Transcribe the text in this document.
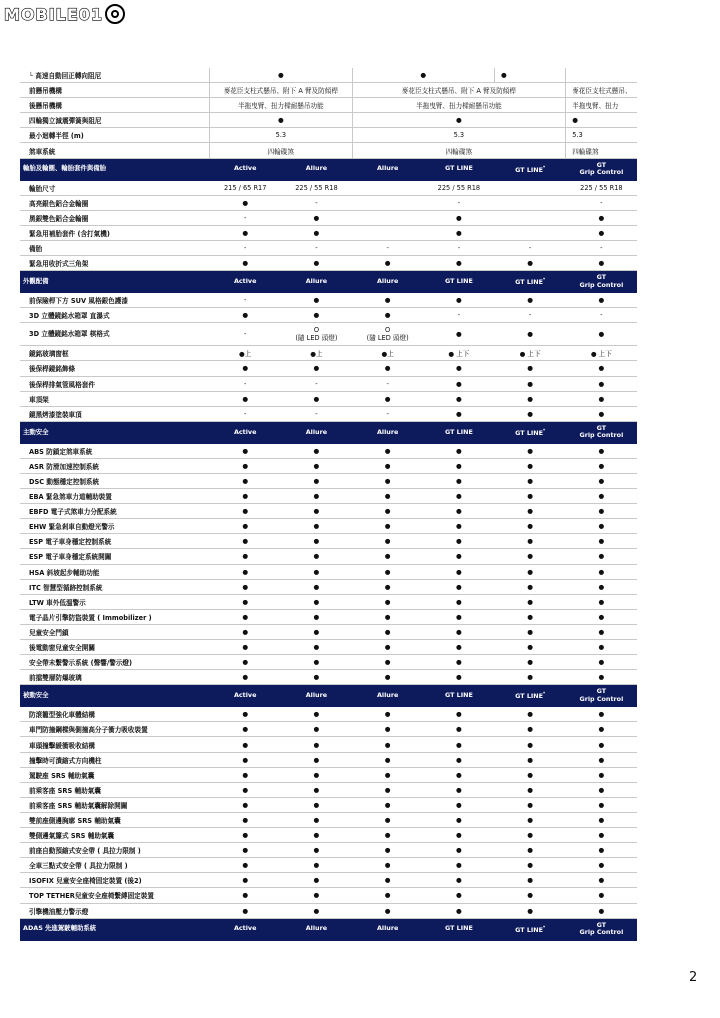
MOBILE01
└ 高速自動回正轉向阻尼	●		●		●	
前懸吊機構	麥花臣支柱式懸吊、附下 A 臂及防傾桿		麥花臣支柱式懸吊、附下 A 臂及防傾桿			麥花臣支柱式懸吊、
後懸吊機構	半拖曳臂、扭力樑耐懸吊功能		半拖曳臂、扭力樑耐懸吊功能			半拖曳臂、扭力
四輪獨立減震彈簧與阻尼	●		●			●
最小迴轉半徑 (m)	5.3		5.3			5.3
煞車系統	四輪碟煞		四輪碟煞			四輪碟煞
輪胎及輪圈、輪胎套件與備胎	Active	Allure	Allure	GT LINE	GT LINE*	GT
Grip Control
輪胎尺寸	215 / 65 R17	225 / 55 R18		225 / 55 R18		225 / 55 R18
高亮銀色鋁合金輪圈	●	-		-		-
黑銀雙色鋁合金輪圈	-	●		●		●
緊急用補胎套件 (含打氣機)	●	●		●		●
備胎	-	-	-	-	-	-
緊急用收折式三角架	●	●	●	●	●	●
外觀配備	Active	Allure	Allure	GT LINE	GT LINE*	GT
Grip Control
前保險桿下方 SUV 風格銀色護漆	-	●	●	●	●	●
3D 立體鏡銘水箱罩 直瀑式	●	●	●	-	-	-
3D 立體鏡銘水箱罩 棋格式	-	O
(隨 LED 頭燈)	O
(隨 LED 頭燈)	●	●	●
鏡銘玻璃窗框	●上	●上	●上	● 上下	● 上下	● 上下
後保桿鏡銘飾條	●	●	●	●	●	●
後保桿排氣管風格套件	-	-	-	●	●	●
車頂架	●	●	●	●	●	●
鏡黑烤漆塗裝車頂	-	-	-	●	●	●
主動安全	Active	Allure	Allure	GT LINE	GT LINE*	GT
Grip Control
ABS 防鎖定煞車系統	●	●	●	●	●	●
ASR 防滑加速控制系統	●	●	●	●	●	●
DSC 動態穩定控制系統	●	●	●	●	●	●
EBA 緊急煞車力道輔助裝置	●	●	●	●	●	●
EBFD 電子式煞車力分配系統	●	●	●	●	●	●
EHW 緊急剎車自動燈光警示	●	●	●	●	●	●
ESP 電子車身穩定控制系統	●	●	●	●	●	●
ESP 電子車身穩定系統開關	●	●	●	●	●	●
HSA 斜坡起步輔助功能	●	●	●	●	●	●
ITC 智慧型循跡控制系統	●	●	●	●	●	●
LTW 車外低溫警示	●	●	●	●	●	●
電子晶片引擎防盜裝置 ( Immobilizer )	●	●	●	●	●	●
兒童安全門鎖	●	●	●	●	●	●
後電動窗兒童安全開關	●	●	●	●	●	●
安全帶未繫警示系統 (聲響/警示燈)	●	●	●	●	●	●
前擋雙層防爆玻璃	●	●	●	●	●	●
被動安全	Active	Allure	Allure	GT LINE	GT LINE*	GT
Grip Control
防滾籠型強化車體結構	●	●	●	●	●	●
車門防撞鋼樑與側撞高分子衝力吸收裝置	●	●	●	●	●	●
車頭撞擊緩衝吸收結構	●	●	●	●	●	●
撞擊時可潰縮式方向機柱	●	●	●	●	●	●
駕駛座 SRS 輔助氣囊	●	●	●	●	●	●
前乘客座 SRS 輔助氣囊	●	●	●	●	●	●
前乘客座 SRS 輔助氣囊解除開關	●	●	●	●	●	●
雙前座側邊胸廓 SRS 輔助氣囊	●	●	●	●	●	●
雙側邊氣簾式 SRS 輔助氣囊	●	●	●	●	●	●
前座自動預縮式安全帶 ( 具拉力限制 )	●	●	●	●	●	●
全車三點式安全帶 ( 具拉力限制 )	●	●	●	●	●	●
ISOFIX 兒童安全座椅固定裝置 (後2)	●	●	●	●	●	●
TOP TETHER兒童安全座椅繫縛固定裝置	●	●	●	●	●	●
引擎機油壓力警示燈	●	●	●	●	●	●
ADAS 先進駕駛輔助系統	Active	Allure	Allure	GT LINE	GT LINE*	GT
Grip Control
2
